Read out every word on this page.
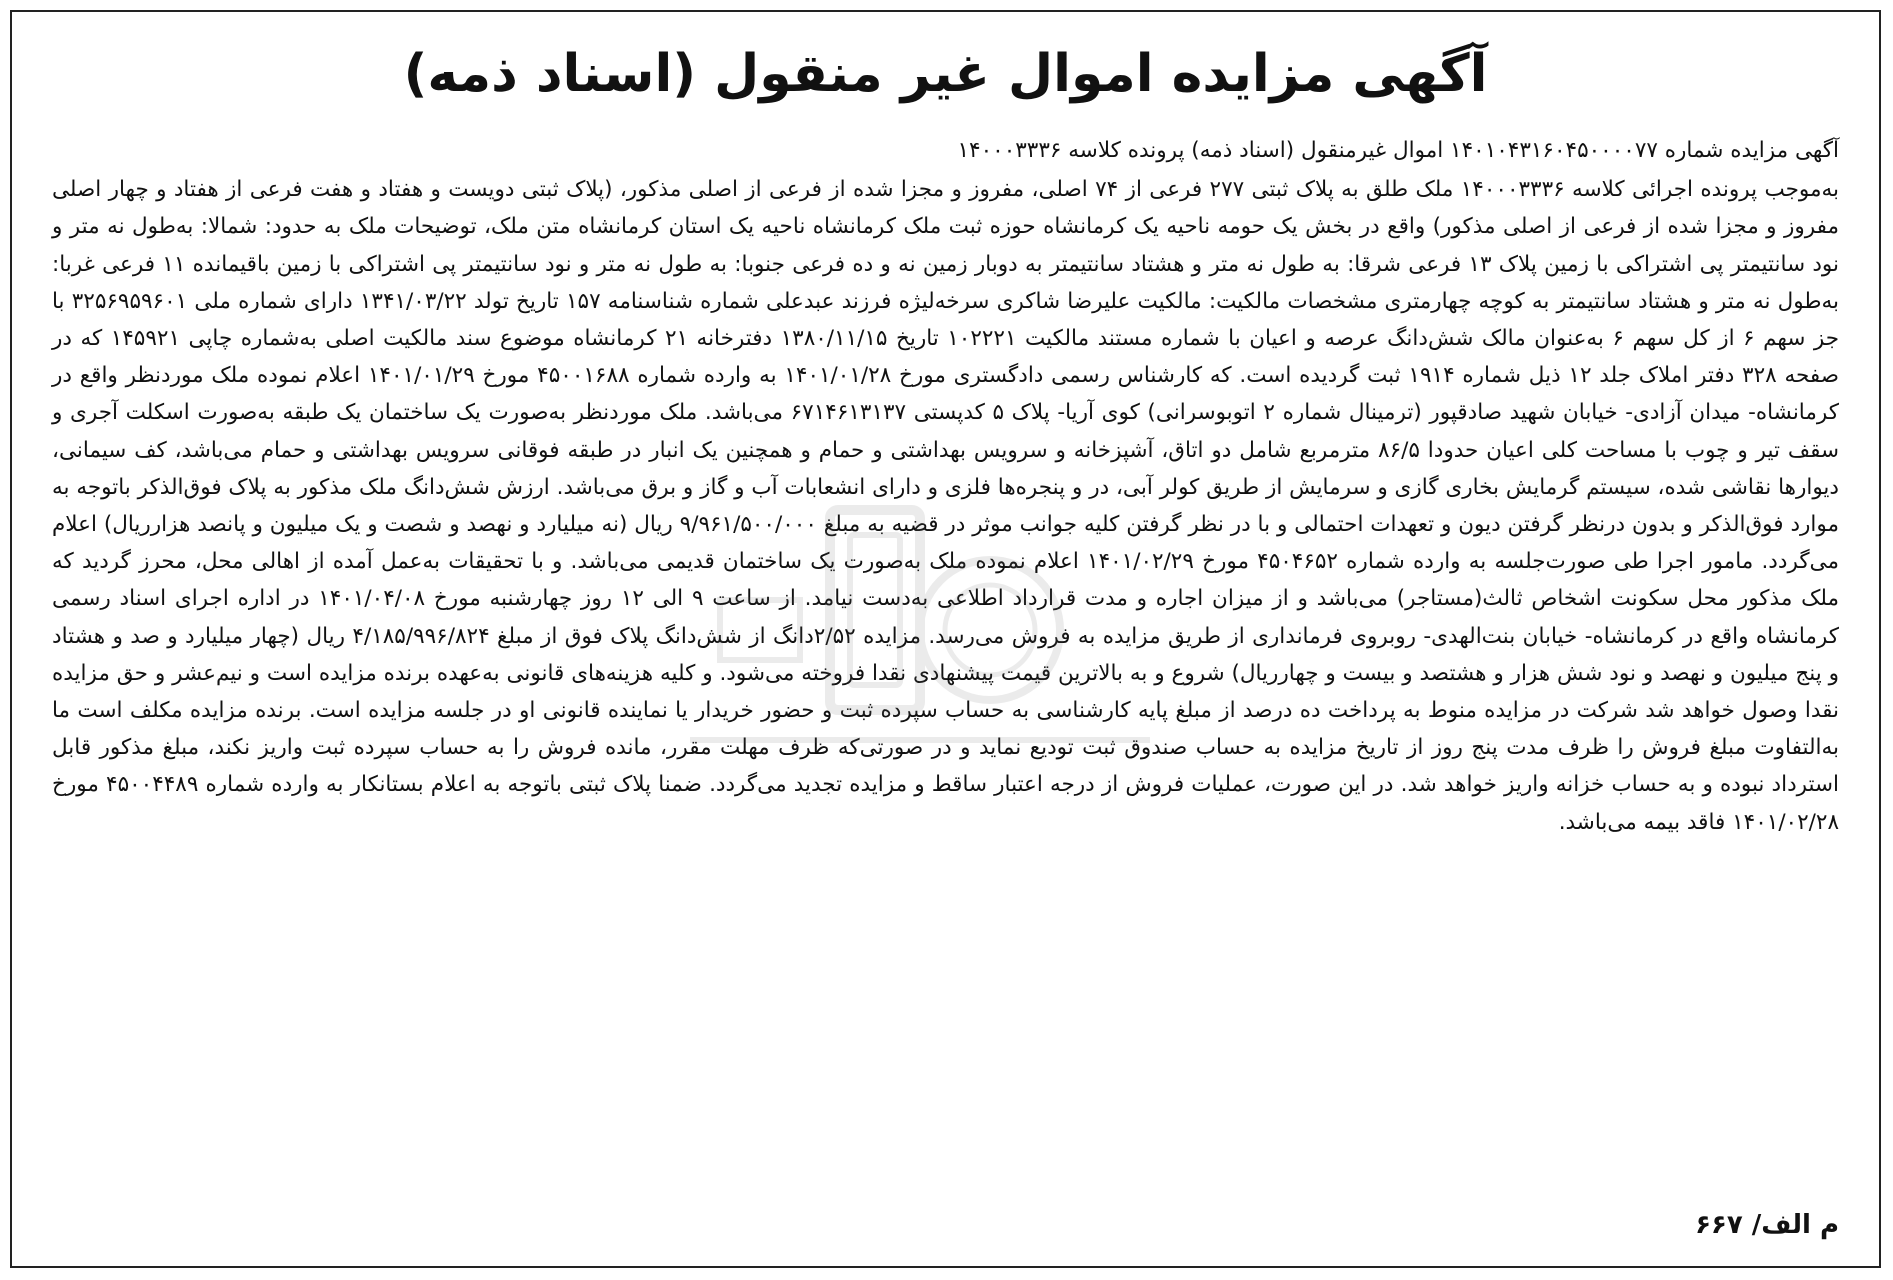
آگهی مزایده اموال غیر منقول (اسناد ذمه)

آگهی مزایده شماره ۱۴۰۱۰۴۳۱۶۰۴۵۰۰۰۰۷۷ اموال غیرمنقول (اسناد ذمه) پرونده کلاسه ۱۴۰۰۰۳۳۳۶

به‌موجب پرونده اجرائی کلاسه ۱۴۰۰۰۳۳۳۶ ملک طلق به پلاک ثبتی ۲۷۷ فرعی از ۷۴ اصلی، مفروز و مجزا شده از فرعی از اصلی مذکور، (پلاک ثبتی دویست و هفتاد و هفت فرعی از هفتاد و چهار اصلی مفروز و مجزا شده از فرعی از اصلی مذکور) واقع در بخش یک حومه ناحیه یک کرمانشاه حوزه ثبت ملک کرمانشاه ناحیه یک استان کرمانشاه متن ملک، توضیحات ملک به حدود: شمالا: به‌طول نه متر و نود سانتیمتر پی اشتراکی با زمین پلاک ۱۳ فرعی شرقا: به طول نه متر و هشتاد سانتیمتر به دوبار زمین نه و ده فرعی جنوبا: به طول نه متر و نود سانتیمتر پی اشتراکی با زمین باقیمانده ۱۱ فرعی غربا: به‌طول نه متر و هشتاد سانتیمتر به کوچه چهارمتری مشخصات مالکیت: مالکیت علیرضا شاکری سرخه‌لیژه فرزند عبدعلی شماره شناسنامه ۱۵۷ تاریخ تولد ۱۳۴۱/۰۳/۲۲ دارای شماره ملی ۳۲۵۶۹۵۹۶۰۱ با جز سهم ۶ از کل سهم ۶ به‌عنوان مالک شش‌دانگ عرصه و اعیان با شماره مستند مالکیت ۱۰۲۲۲۱ تاریخ ۱۳۸۰/۱۱/۱۵ دفترخانه ۲۱ کرمانشاه موضوع سند مالکیت اصلی به‌شماره چاپی ۱۴۵۹۲۱ که در صفحه ۳۲۸ دفتر املاک جلد ۱۲ ذیل شماره ۱۹۱۴ ثبت گردیده است. که کارشناس رسمی دادگستری مورخ ۱۴۰۱/۰۱/۲۸ به وارده شماره ۴۵۰۰۱۶۸۸ مورخ ۱۴۰۱/۰۱/۲۹ اعلام نموده ملک موردنظر واقع در کرمانشاه- میدان آزادی- خیابان شهید صادقپور (ترمینال شماره ۲ اتوبوسرانی) کوی آریا- پلاک ۵ کدپستی ۶۷۱۴۶۱۳۱۳۷ می‌باشد. ملک موردنظر به‌صورت یک ساختمان یک طبقه به‌صورت اسکلت آجری و سقف تیر و چوب با مساحت کلی اعیان حدودا ۸۶/۵ مترمربع شامل دو اتاق، آشپزخانه و سرویس بهداشتی و حمام و همچنین یک انبار در طبقه فوقانی سرویس بهداشتی و حمام می‌باشد، کف سیمانی، دیوارها نقاشی شده، سیستم گرمایش بخاری گازی و سرمایش از طریق کولر آبی، در و پنجره‌ها فلزی و دارای انشعابات آب و گاز و برق می‌باشد. ارزش شش‌دانگ ملک مذکور به پلاک فوق‌الذکر باتوجه به موارد فوق‌الذکر و بدون درنظر گرفتن دیون و تعهدات احتمالی و با در نظر گرفتن کلیه جوانب موثر در قضیه به مبلغ ۹/۹۶۱/۵۰۰/۰۰۰ ریال (نه میلیارد و نهصد و شصت و یک میلیون و پانصد هزارریال) اعلام می‌گردد. مامور اجرا طی صورت‌جلسه به وارده شماره ۴۵۰۴۶۵۲ مورخ ۱۴۰۱/۰۲/۲۹ اعلام نموده ملک به‌صورت یک ساختمان قدیمی می‌باشد. و با تحقیقات به‌عمل آمده از اهالی محل، محرز گردید که ملک مذکور محل سکونت اشخاص ثالث(مستاجر) می‌باشد و از میزان اجاره و مدت قرارداد اطلاعی به‌دست نیامد. از ساعت ۹ الی ۱۲ روز چهارشنبه مورخ ۱۴۰۱/۰۴/۰۸ در اداره اجرای اسناد رسمی کرمانشاه واقع در کرمانشاه- خیابان بنت‌الهدی- روبروی فرمانداری از طریق مزایده به فروش می‌رسد. مزایده ۲/۵۲دانگ از شش‌دانگ پلاک فوق از مبلغ ۴/۱۸۵/۹۹۶/۸۲۴ ریال (چهار میلیارد و صد و هشتاد و پنج میلیون و نهصد و نود شش هزار و هشتصد و بیست و چهارریال) شروع و به بالاترین قیمت پیشنهادی نقدا فروخته می‌شود. و کلیه هزینه‌های قانونی به‌عهده برنده مزایده است و نیم‌عشر و حق مزایده نقدا وصول خواهد شد شرکت در مزایده منوط به پرداخت ده درصد از مبلغ پایه کارشناسی به حساب سپرده ثبت و حضور خریدار یا نماینده قانونی او در جلسه مزایده است. برنده مزایده مکلف است ما به‌التفاوت مبلغ فروش را ظرف مدت پنج روز از تاریخ مزایده به حساب صندوق ثبت تودیع نماید و در صورتی‌که ظرف مهلت مقرر، مانده فروش را به حساب سپرده ثبت واریز نکند، مبلغ مذکور قابل استرداد نبوده و به حساب خزانه واریز خواهد شد. در این صورت، عملیات فروش از درجه اعتبار ساقط و مزایده تجدید می‌گردد. ضمنا پلاک ثبتی باتوجه به اعلام بستانکار به وارده شماره ۴۵۰۰۴۴۸۹ مورخ ۱۴۰۱/۰۲/۲۸ فاقد بیمه می‌باشد.

م الف/ ۶۶۷
